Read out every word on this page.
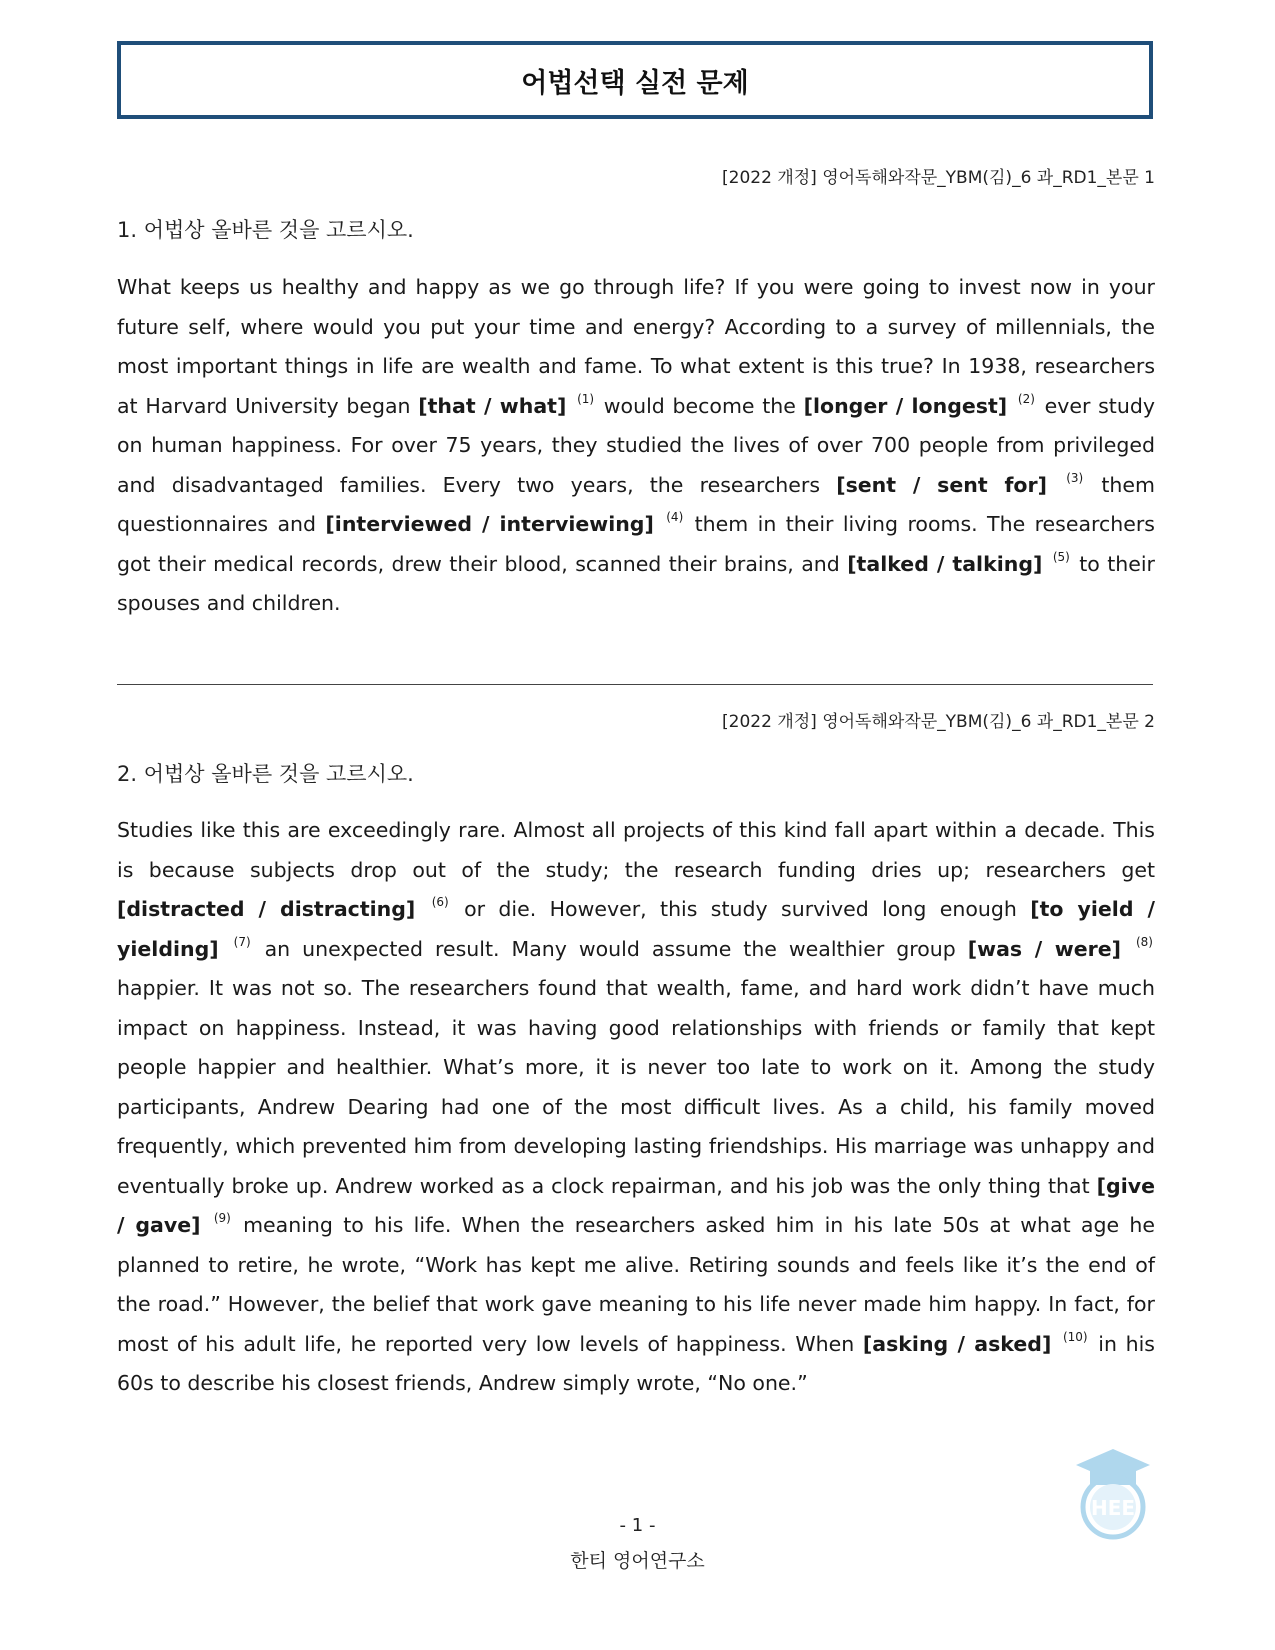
어법선택 실전 문제
[2022 개정] 영어독해와작문_YBM(김)_6 과_RD1_본문 1
1. 어법상 올바른 것을 고르시오.

What keeps us healthy and happy as we go through life? If you were going to invest now in your future self, where would you put your time and energy? According to a survey of millennials, the most important things in life are wealth and fame. To what extent is this true? In 1938, researchers at Harvard University began [that / what] $^{(1)}$ would become the [longer / longest] $^{(2)}$ ever study on human happiness. For over 75 years, they studied the lives of over 700 people from privileged and disadvantaged families. Every two years, the researchers [sent / sent for] $^{(3)}$ them questionnaires and [interviewed / interviewing] $^{(4)}$ them in their living rooms. The researchers got their medical records, drew their blood, scanned their brains, and [talked / talking] $^{(5)}$ to their spouses and children.

[2022 개정] 영어독해와작문_YBM(김)_6 과_RD1_본문 2
2. 어법상 올바른 것을 고르시오.

Studies like this are exceedingly rare. Almost all projects of this kind fall apart within a decade. This is because subjects drop out of the study; the research funding dries up; researchers get [distracted / distracting] $^{(6)}$ or die. However, this study survived long enough [to yield / yielding] $^{(7)}$ an unexpected result. Many would assume the wealthier group [was / were] $^{(8)}$ happier. It was not so. The researchers found that wealth, fame, and hard work didn’t have much impact on happiness. Instead, it was having good relationships with friends or family that kept people happier and healthier. What’s more, it is never too late to work on it. Among the study participants, Andrew Dearing had one of the most difficult lives. As a child, his family moved frequently, which prevented him from developing lasting friendships. His marriage was unhappy and eventually broke up. Andrew worked as a clock repairman, and his job was the only thing that [give / gave] $^{(9)}$ meaning to his life. When the researchers asked him in his late 50s at what age he planned to retire, he wrote, “Work has kept me alive. Retiring sounds and feels like it’s the end of the road.” However, the belief that work gave meaning to his life never made him happy. In fact, for most of his adult life, he reported very low levels of happiness. When [asking / asked] $^{(10)}$ in his 60s to describe his closest friends, Andrew simply wrote, “No one.”

HEE
- 1 -
한티 영어연구소
